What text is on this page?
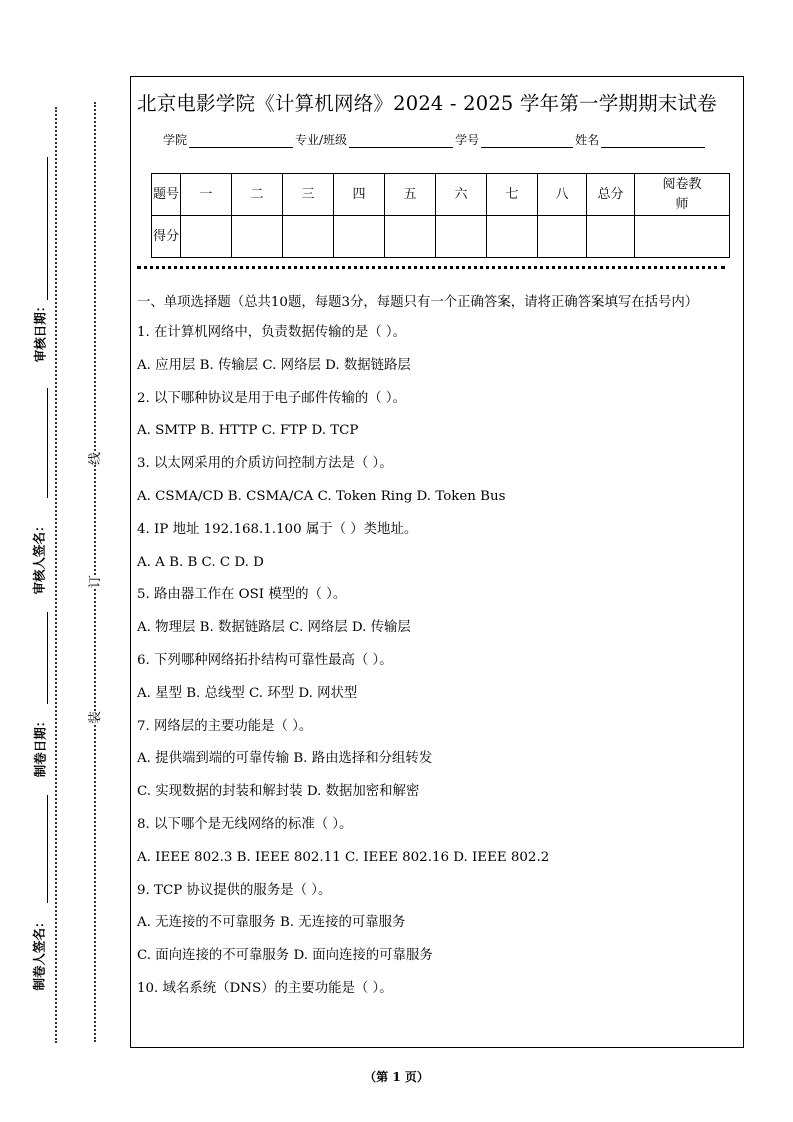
审核日期：
审核人签名：
制卷日期：
制卷人签名：
线
订
装
北京电影学院《计算机网络》2024 - 2025 学年第一学期期末试卷
学院	专业/班级	学号	姓名
题号	一	二	三	四	五	六	七	八	总分	阅卷教师

得分										

一、单项选择题（总共10题，每题3分，每题只有一个正确答案，请将正确答案填写在括号内）

1. 在计算机网络中，负责数据传输的是（ ）。

A. 应用层 B. 传输层 C. 网络层 D. 数据链路层

2. 以下哪种协议是用于电子邮件传输的（ ）。

A. SMTP B. HTTP C. FTP D. TCP

3. 以太网采用的介质访问控制方法是（ ）。

A. CSMA/CD B. CSMA/CA C. Token Ring D. Token Bus

4. IP 地址 192.168.1.100 属于（ ）类地址。

A. A B. B C. C D. D

5. 路由器工作在 OSI 模型的（ ）。

A. 物理层 B. 数据链路层 C. 网络层 D. 传输层

6. 下列哪种网络拓扑结构可靠性最高（ ）。

A. 星型 B. 总线型 C. 环型 D. 网状型

7. 网络层的主要功能是（ ）。

A. 提供端到端的可靠传输 B. 路由选择和分组转发

C. 实现数据的封装和解封装 D. 数据加密和解密

8. 以下哪个是无线网络的标准（ ）。

A. IEEE 802.3 B. IEEE 802.11 C. IEEE 802.16 D. IEEE 802.2

9. TCP 协议提供的服务是（ ）。

A. 无连接的不可靠服务 B. 无连接的可靠服务

C. 面向连接的不可靠服务 D. 面向连接的可靠服务

10. 域名系统（DNS）的主要功能是（ ）。

（第 1 页）
